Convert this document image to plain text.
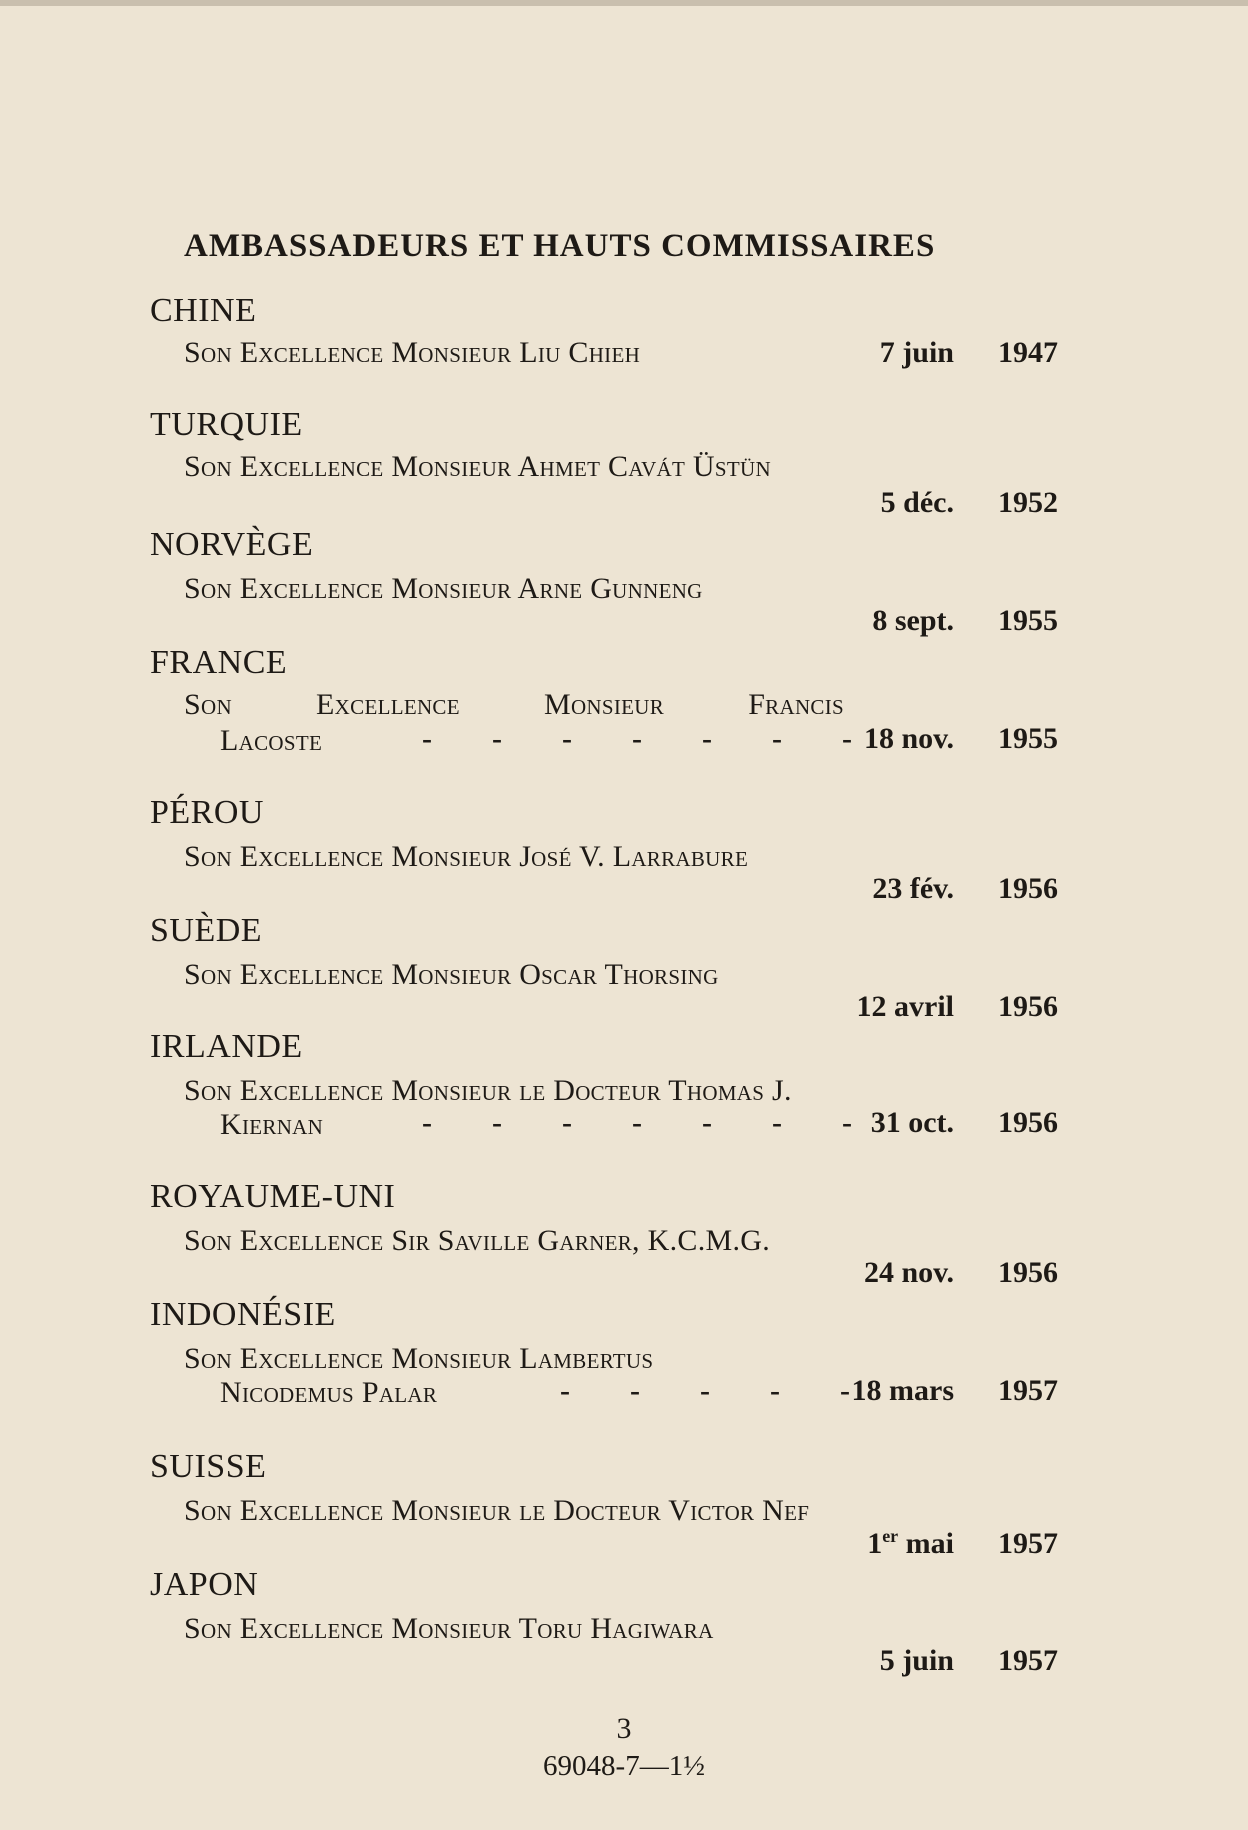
AMBASSADEURS ET HAUTS COMMISSAIRES
CHINE
Son Excellence Monsieur Liu Chieh	7 juin 1947
TURQUIE
Son Excellence Monsieur Ahmet Caváт Üstün
5 déc. 1952
NORVÈGE
Son Excellence Monsieur Arne Gunneng
8 sept. 1955
FRANCE
Son	Excellence	Monsieur	Francis
Lacoste	- - - - - - - 18 nov. 1955
PÉROU
Son Excellence Monsieur José V. Larrabure
23 fév. 1956
SUÈDE
Son Excellence Monsieur Oscar Thorsing
12 avril 1956
IRLANDE
Son Excellence Monsieur le Docteur Thomas J.
Kiernan	- - - - - - - 31 oct. 1956
ROYAUME-UNI
Son Excellence Sir Saville Garner, K.C.M.G.
24 nov. 1956
INDONÉSIE
Son Excellence Monsieur Lambertus
Nicodemus Palar	- - - - - 18 mars 1957
SUISSE
Son Excellence Monsieur le Docteur Victor Nef
1er mai 1957
JAPON
Son Excellence Monsieur Toru Hagiwara
5 juin 1957
3
69048-7—1½
